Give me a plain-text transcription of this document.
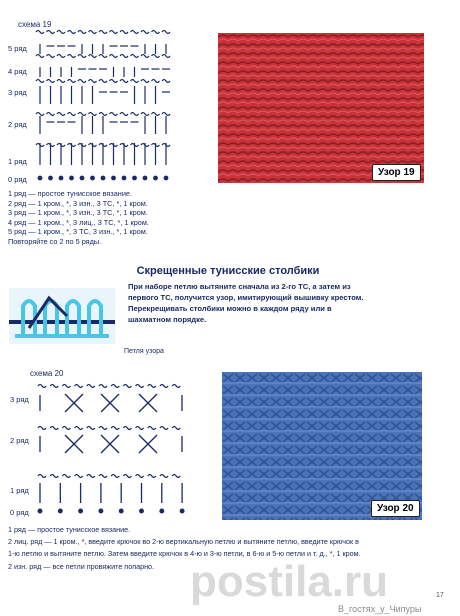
схема 19
5 ряд
4 ряд
3 ряд
2 ряд
1 ряд
0 ряд
1 ряд — простое тунисское вязание.
2 ряд — 1 кром., *, 3 изн., 3 ТС, *, 1 кром.
3 ряд — 1 кром., *, 3 изн., 3 ТС, *, 1 кром.
4 ряд — 1 кром., *, 3 лиц., 3 ТС, *, 1 кром.
5 ряд — 1 кром., *, 3 ТС, 3 изн., *, 1 кром.
Повторяйте со 2 по 5 ряды.
Узор 19
Скрещенные тунисские столбики
Петля узора
При наборе петлю вытяните сначала из 2-го ТС, а затем из
первого ТС, получится узор, имитирующий вышивку крестом.
Перекрещивать столбики можно в каждом ряду или в
шахматном порядке.
схема 20
3 ряд
2 ряд
1 ряд
0 ряд	Узор 20
1 ряд — простое тунисское вязание.
2 лиц. ряд — 1 кром., *, введите крючок во 2-ю вертикальную петлю и вытяните петлю, введите крючок в
1-ю петлю и вытяните петлю. Затем введите крючок в 4-ю и 3-ю петли, в 6-ю и 5-ю петли и т. д., *, 1 кром.
2 изн. ряд — все петли провяжите попарно. postila.ru	17
В_гостях_у_Чипуры
